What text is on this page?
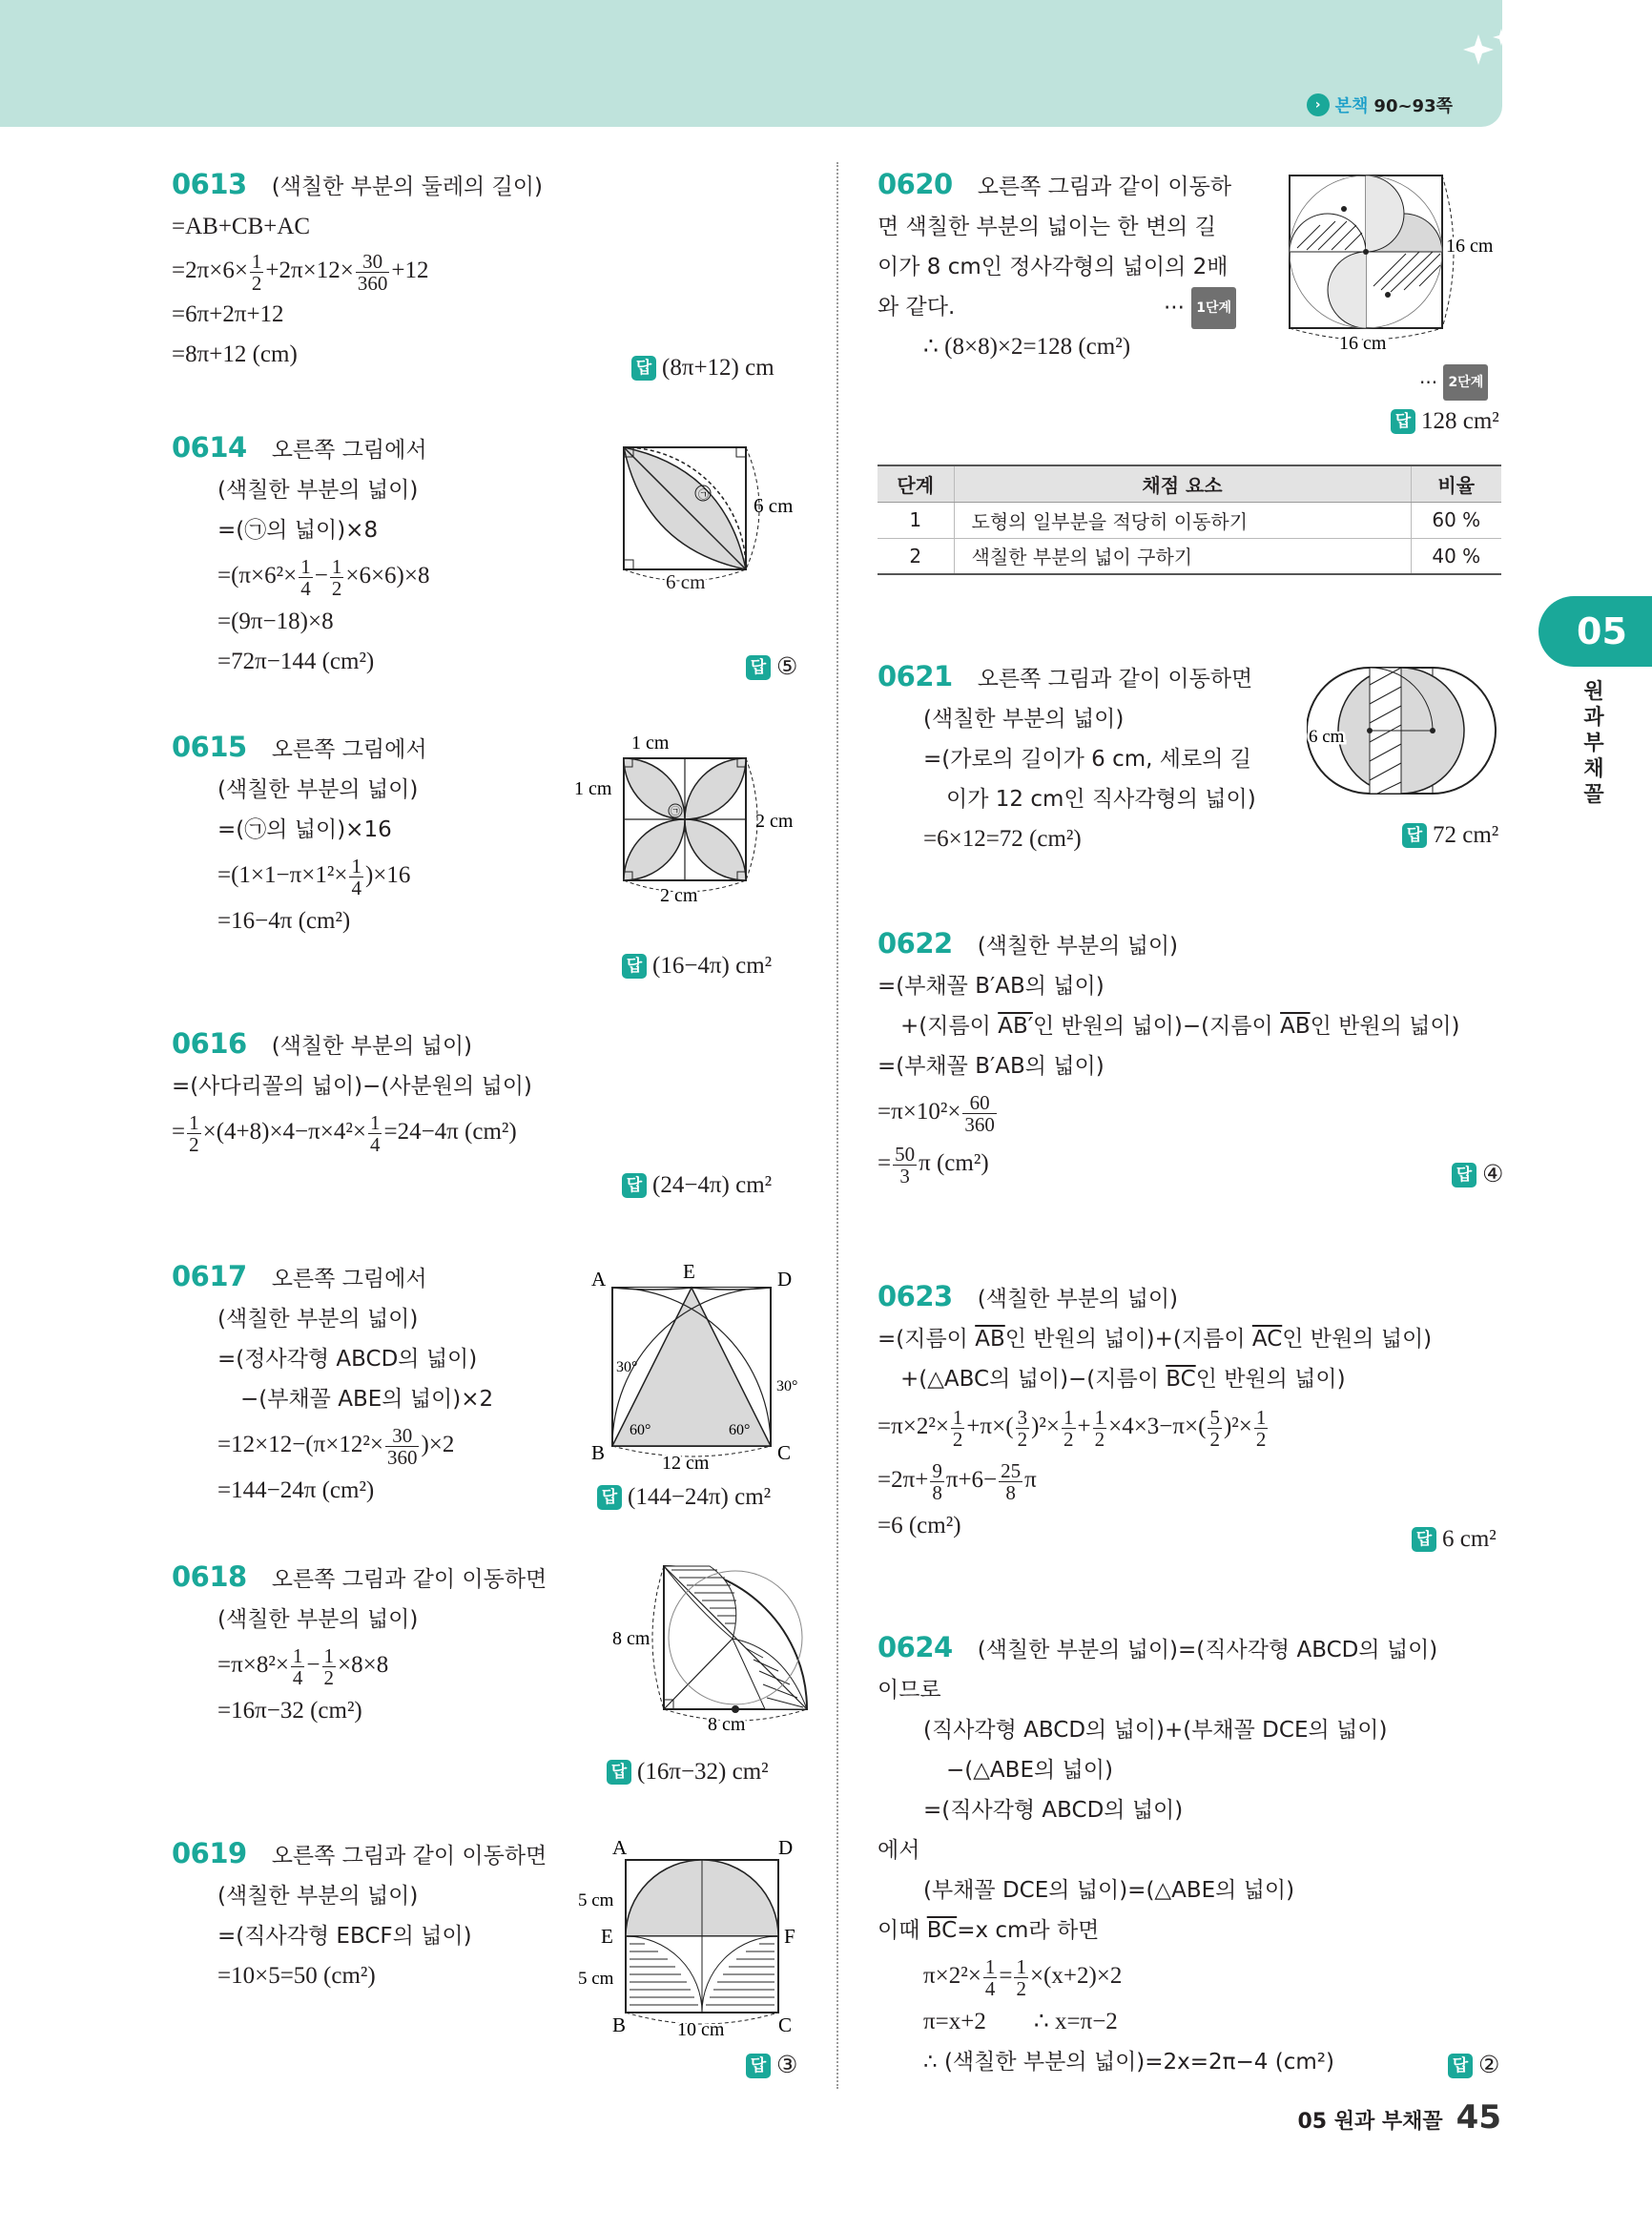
› 본책 90~93쪽
05
원과 부채꼴
0613 (색칠한 부분의 둘레의 길이)
=AB+CB+AC
$=2\pi\times 6\times \frac{1}{2} +2\pi\times 12\times \frac{30}{360} +12$
=6π+2π+12
=8π+12 (cm)
답 (8π+12) cm
0614 오른쪽 그림에서
(색칠한 부분의 넓이)
=(㉠의 넓이)×8
$=(\pi\times 6^2\times \frac{1}{4} - \frac{1}{2} \times 6\times 6)\times 8$
=(9π−18)×8
=72π−144 (cm²)	답 ⑤
㉠ 6 cm
6 cm
0615 오른쪽 그림에서
(색칠한 부분의 넓이)
=(㉠의 넓이)×16
$=(1\times 1-\pi\times 1^2\times \frac{1}{4} )\times 16$
=16−4π (cm²)
답 (16−4π) cm²
㉠
1 cm
1 cm
2 cm
2 cm
0616 (색칠한 부분의 넓이)
=(사다리꼴의 넓이)−(사분원의 넓이)
= $\frac{1}{2} \times(4+8)\times 4-\pi\times 4^2\times \frac{1}{4} =24-4\pi$ (cm²)
답 (24−4π) cm²
0617 오른쪽 그림에서
(색칠한 부분의 넓이)
=(정사각형 ABCD의 넓이)
−(부채꼴 ABE의 넓이)×2
$=12\times 12-(\pi\times 12^2\times \frac{30}{360} )\times 2$
=144−24π (cm²)	답 (144−24π) cm²
A	E	D
B	C
30°
30°
60°	60°
12 cm
0618 오른쪽 그림과 같이 이동하면
(색칠한 부분의 넓이)
$=\pi\times 8^2\times \frac{1}{4} - \frac{1}{2} \times 8\times 8$
=16π−32 (cm²)
답 (16π−32) cm²
8 cm
8 cm
0619 오른쪽 그림과 같이 이동하면
(색칠한 부분의 넓이)
=(직사각형 EBCF의 넓이)
=10×5=50 (cm²)
답 ③
A	D
E	F
B	C
5 cm
5 cm
10 cm
0620 오른쪽 그림과 같이 이동하
면 색칠한 부분의 넓이는 한 변의 길
이가 8 cm인 정사각형의 넓이의 2배
와 같다.	··· 1단계
∴ (8×8)×2=128 (cm²)
··· 2단계
답 128 cm²
16 cm
16 cm
단계	채점 요소	비율
1	도형의 일부분을 적당히 이동하기	60 %
2	색칠한 부분의 넓이 구하기	40 %
0621 오른쪽 그림과 같이 이동하면
(색칠한 부분의 넓이)
=(가로의 길이가 6 cm, 세로의 길
이가 12 cm인 직사각형의 넓이)
=6×12=72 (cm²)	답 72 cm²
6 cm
0622 (색칠한 부분의 넓이)
=(부채꼴 B′AB의 넓이)
+(지름이 AB′인 반원의 넓이)−(지름이 $\overline{AB}$인 반원의 넓이)
=(부채꼴 B′AB의 넓이)
$=\pi\times 10^2\times \frac{60}{360}$
= $\frac{50}{3}$ π (cm²)	답 ④
0623 (색칠한 부분의 넓이)
=(지름이 $\overline{AB}$인 반원의 넓이)+(지름이 $\overline{AC}$인 반원의 넓이)
+(△ABC의 넓이)−(지름이 $\overline{BC}$인 반원의 넓이)
$=\pi\times 2^2\times \frac{1}{2} +\pi\times( \frac{3}{2} )^2\times \frac{1}{2} + \frac{1}{2} \times 4\times 3-\pi\times( \frac{5}{2} )^2\times \frac{1}{2}$
$=2\pi+ \frac{9}{8} \pi+6- \frac{25}{8}$ π
=6 (cm²)
답 6 cm²
0624 (색칠한 부분의 넓이)=(직사각형 ABCD의 넓이)
이므로
(직사각형 ABCD의 넓이)+(부채꼴 DCE의 넓이)
−(△ABE의 넓이)
=(직사각형 ABCD의 넓이)
에서
(부채꼴 DCE의 넓이)=(△ABE의 넓이)
이때 $\overline{BC}=x$ cm라 하면
$\pi\times 2^2\times \frac{1}{4} = \frac{1}{2} \times(x+2)\times 2$
π=x+2        ∴ x=π−2
∴ (색칠한 부분의 넓이)=2x=2π−4 (cm²)	답 ②
05 원과 부채꼴 45
